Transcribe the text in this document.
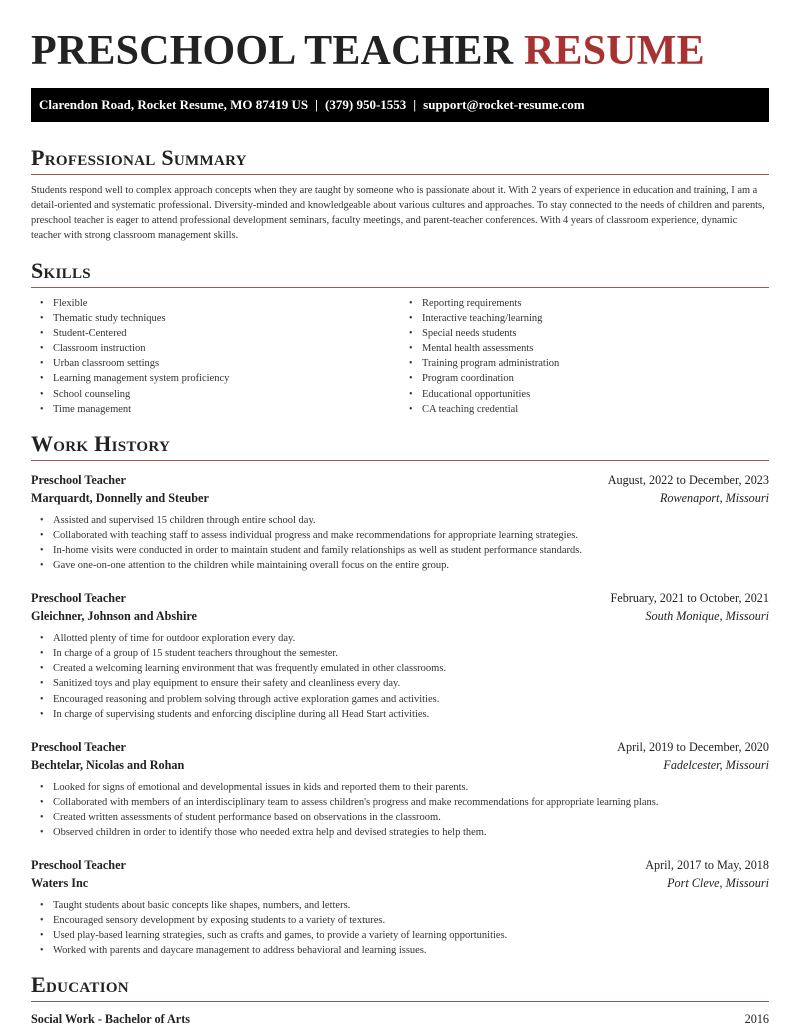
PRESCHOOL TEACHER RESUME
Clarendon Road, Rocket Resume, MO 87419 US | (379) 950-1553 | support@rocket-resume.com
Professional Summary

Students respond well to complex approach concepts when they are taught by someone who is passionate about it. With 2 years of experience in education and training, I am a detail-oriented and systematic professional. Diversity-minded and knowledgeable about various cultures and approaches. To stay connected to the needs of children and parents, preschool teacher is eager to attend professional development seminars, faculty meetings, and parent-teacher conferences. With 4 years of classroom experience, dynamic teacher with strong classroom management skills.

Skills
• Flexible
• Thematic study techniques
• Student-Centered
• Classroom instruction
• Urban classroom settings
• Learning management system proficiency
• School counseling
• Time management
• Reporting requirements
• Interactive teaching/learning
• Special needs students
• Mental health assessments
• Training program administration
• Program coordination
• Educational opportunities
• CA teaching credential
Work History
Preschool Teacher	August, 2022 to December, 2023
Marquardt, Donnelly and Steuber	Rowenaport, Missouri
• Assisted and supervised 15 children through entire school day.
• Collaborated with teaching staff to assess individual progress and make recommendations for appropriate learning strategies.
• In-home visits were conducted in order to maintain student and family relationships as well as student performance standards.
• Gave one-on-one attention to the children while maintaining overall focus on the entire group.
Preschool Teacher	February, 2021 to October, 2021
Gleichner, Johnson and Abshire	South Monique, Missouri
• Allotted plenty of time for outdoor exploration every day.
• In charge of a group of 15 student teachers throughout the semester.
• Created a welcoming learning environment that was frequently emulated in other classrooms.
• Sanitized toys and play equipment to ensure their safety and cleanliness every day.
• Encouraged reasoning and problem solving through active exploration games and activities.
• In charge of supervising students and enforcing discipline during all Head Start activities.
Preschool Teacher	April, 2019 to December, 2020
Bechtelar, Nicolas and Rohan	Fadelcester, Missouri
• Looked for signs of emotional and developmental issues in kids and reported them to their parents.
• Collaborated with members of an interdisciplinary team to assess children's progress and make recommendations for appropriate learning plans.
• Created written assessments of student performance based on observations in the classroom.
• Observed children in order to identify those who needed extra help and devised strategies to help them.
Preschool Teacher	April, 2017 to May, 2018
Waters Inc	Port Cleve, Missouri
• Taught students about basic concepts like shapes, numbers, and letters.
• Encouraged sensory development by exposing students to a variety of textures.
• Used play-based learning strategies, such as crafts and games, to provide a variety of learning opportunities.
• Worked with parents and daycare management to address behavioral and learning issues.
Education
Social Work - Bachelor of Arts	2016
